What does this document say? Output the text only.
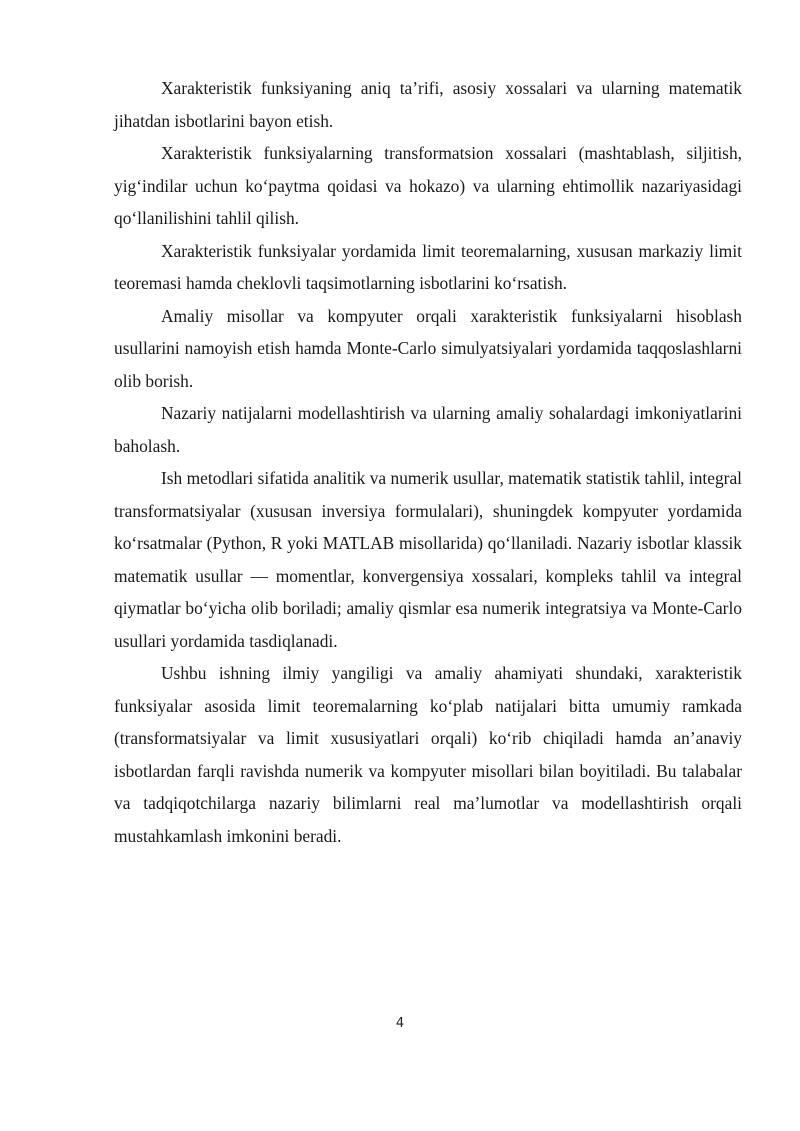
Xarakteristik funksiyaning aniq ta’rifi, asosiy xossalari va ularning matematik jihatdan isbotlarini bayon etish.

Xarakteristik funksiyalarning transformatsion xossalari (mashtablash, siljitish, yig‘indilar uchun ko‘paytma qoidasi va hokazo) va ularning ehtimollik nazariyasidagi qo‘llanilishini tahlil qilish.

Xarakteristik funksiyalar yordamida limit teoremalarning, xususan markaziy limit teoremasi hamda cheklovli taqsimotlarning isbotlarini ko‘rsatish.

Amaliy misollar va kompyuter orqali xarakteristik funksiyalarni hisoblash usullarini namoyish etish hamda Monte-Carlo simulyatsiyalari yordamida taqqoslashlarni olib borish.

Nazariy natijalarni modellashtirish va ularning amaliy sohalardagi imkoniyatlarini baholash.

Ish metodlari sifatida analitik va numerik usullar, matematik statistik tahlil, integral transformatsiyalar (xususan inversiya formulalari), shuningdek kompyuter yordamida ko‘rsatmalar (Python, R yoki MATLAB misollarida) qo‘llaniladi. Nazariy isbotlar klassik matematik usullar — momentlar, konvergensiya xossalari, kompleks tahlil va integral qiymatlar bo‘yicha olib boriladi; amaliy qismlar esa numerik integratsiya va Monte-Carlo usullari yordamida tasdiqlanadi.

Ushbu ishning ilmiy yangiligi va amaliy ahamiyati shundaki, xarakteristik funksiyalar asosida limit teoremalarning ko‘plab natijalari bitta umumiy ramkada (transformatsiyalar va limit xususiyatlari orqali) ko‘rib chiqiladi hamda an’anaviy isbotlardan farqli ravishda numerik va kompyuter misollari bilan boyitiladi. Bu talabalar va tadqiqotchilarga nazariy bilimlarni real ma’lumotlar va modellashtirish orqali mustahkamlash imkonini beradi.

4
